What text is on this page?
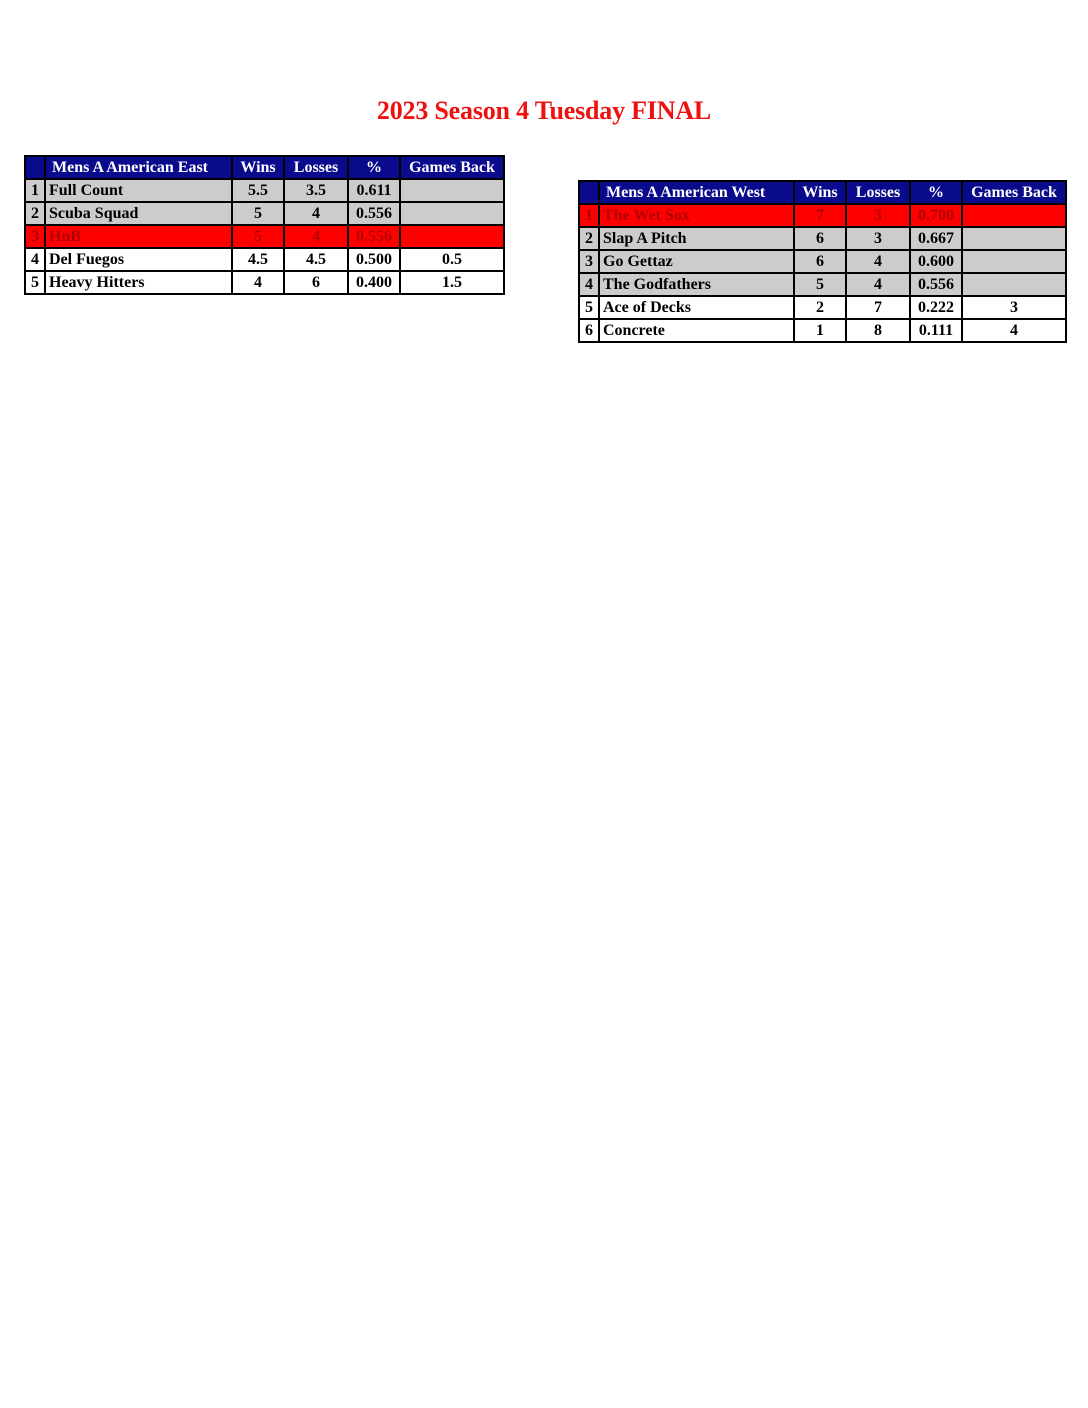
2023 Season 4 Tuesday FINAL
	Mens A American East	Wins	Losses	%	Games Back
1	Full Count	5.5	3.5	0.611	
2	Scuba Squad	5	4	0.556	
3	HnB	5	4	0.556	
4	Del Fuegos	4.5	4.5	0.500	0.5
5	Heavy Hitters	4	6	0.400	1.5
	Mens A American West	Wins	Losses	%	Games Back
1	The Wet Sox	7	3	0.700	
2	Slap A Pitch	6	3	0.667	
3	Go Gettaz	6	4	0.600	
4	The Godfathers	5	4	0.556	
5	Ace of Decks	2	7	0.222	3
6	Concrete	1	8	0.111	4
